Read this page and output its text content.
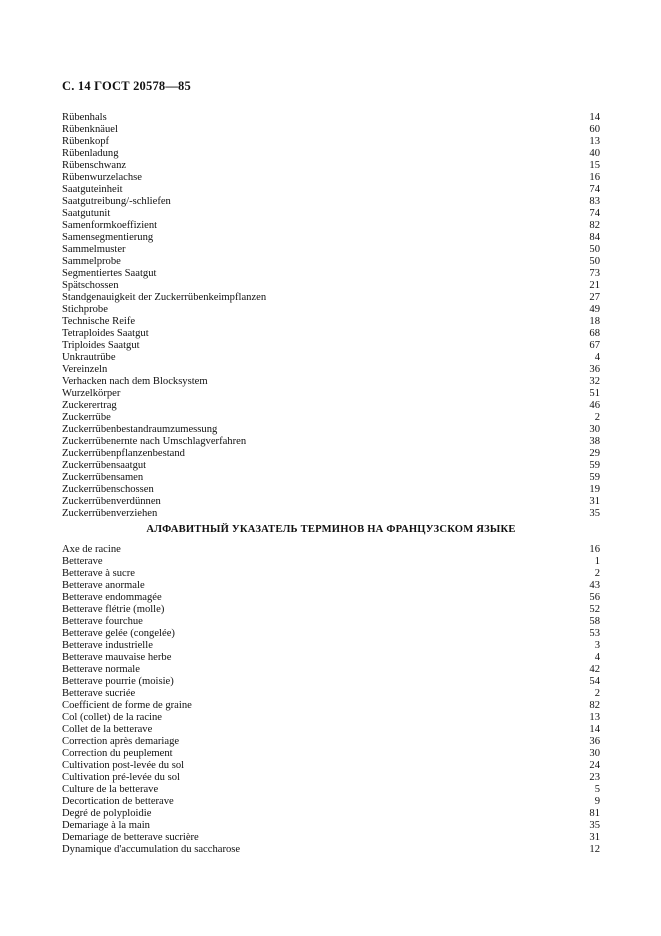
С. 14 ГОСТ 20578—85
Rübenhals	14
Rübenknäuel	60
Rübenkopf	13
Rübenladung	40
Rübenschwanz	15
Rübenwurzelachse	16
Saatguteinheit	74
Saatgutreibung/-schliefen	83
Saatgutunit	74
Samenformkoeffizient	82
Samensegmentierung	84
Sammelmuster	50
Sammelprobe	50
Segmentiertes Saatgut	73
Spätschossen	21
Standgenauigkeit der Zuckerrübenkeimpflanzen	27
Stichprobe	49
Technische Reife	18
Tetraploides Saatgut	68
Triploides Saatgut	67
Unkrautrübe	4
Vereinzeln	36
Verhacken nach dem Blocksystem	32
Wurzelkörper	51
Zuckerertrag	46
Zuckerrübe	2
Zuckerrübenbestandraumzumessung	30
Zuckerrübenernte nach Umschlagverfahren	38
Zuckerrübenpflanzenbestand	29
Zuckerrübensaatgut	59
Zuckerrübensamen	59
Zuckerrübenschossen	19
Zuckerrübenverdünnen	31
Zuckerrübenverziehen	35
АЛФАВИТНЫЙ УКАЗАТЕЛЬ ТЕРМИНОВ НА ФРАНЦУЗСКОМ ЯЗЫКЕ
Axe de racine	16
Betterave	1
Betterave à sucre	2
Betterave anormale	43
Betterave endommagée	56
Betterave flétrie (molle)	52
Betterave fourchue	58
Betterave gelée (congelée)	53
Betterave industrielle	3
Betterave mauvaise herbe	4
Betterave normale	42
Betterave pourrie (moisie)	54
Betterave sucriée	2
Coefficient de forme de graine	82
Col (collet) de la racine	13
Collet de la betterave	14
Correction après demariage	36
Correction du peuplement	30
Cultivation post-levée du sol	24
Cultivation pré-levée du sol	23
Culture de la betterave	5
Decortication de betterave	9
Degré de polyploidie	81
Demariage à la main	35
Demariage de betterave sucrière	31
Dynamique d'accumulation du saccharose	12
